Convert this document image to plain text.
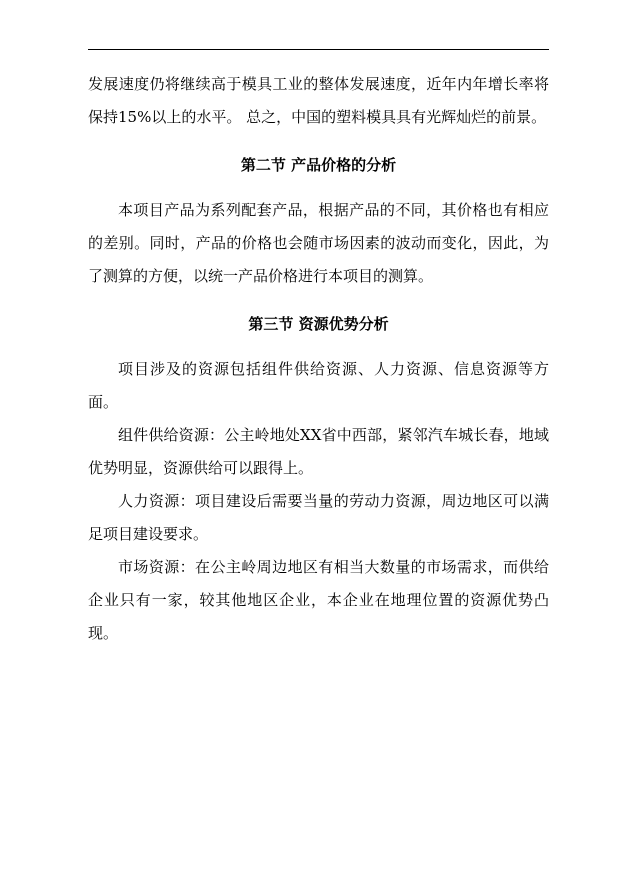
发展速度仍将继续高于模具工业的整体发展速度，近年内年增长率将保持15%以上的水平。 总之，中国的塑料模具具有光辉灿烂的前景。

第二节 产品价格的分析

本项目产品为系列配套产品，根据产品的不同，其价格也有相应的差别。同时，产品的价格也会随市场因素的波动而变化，因此，为了测算的方便，以统一产品价格进行本项目的测算。

第三节 资源优势分析

项目涉及的资源包括组件供给资源、人力资源、信息资源等方面。

组件供给资源：公主岭地处XX省中西部，紧邻汽车城长春，地域优势明显，资源供给可以跟得上。

人力资源：项目建设后需要当量的劳动力资源，周边地区可以满足项目建设要求。

市场资源：在公主岭周边地区有相当大数量的市场需求，而供给企业只有一家，较其他地区企业，本企业在地理位置的资源优势凸现。
